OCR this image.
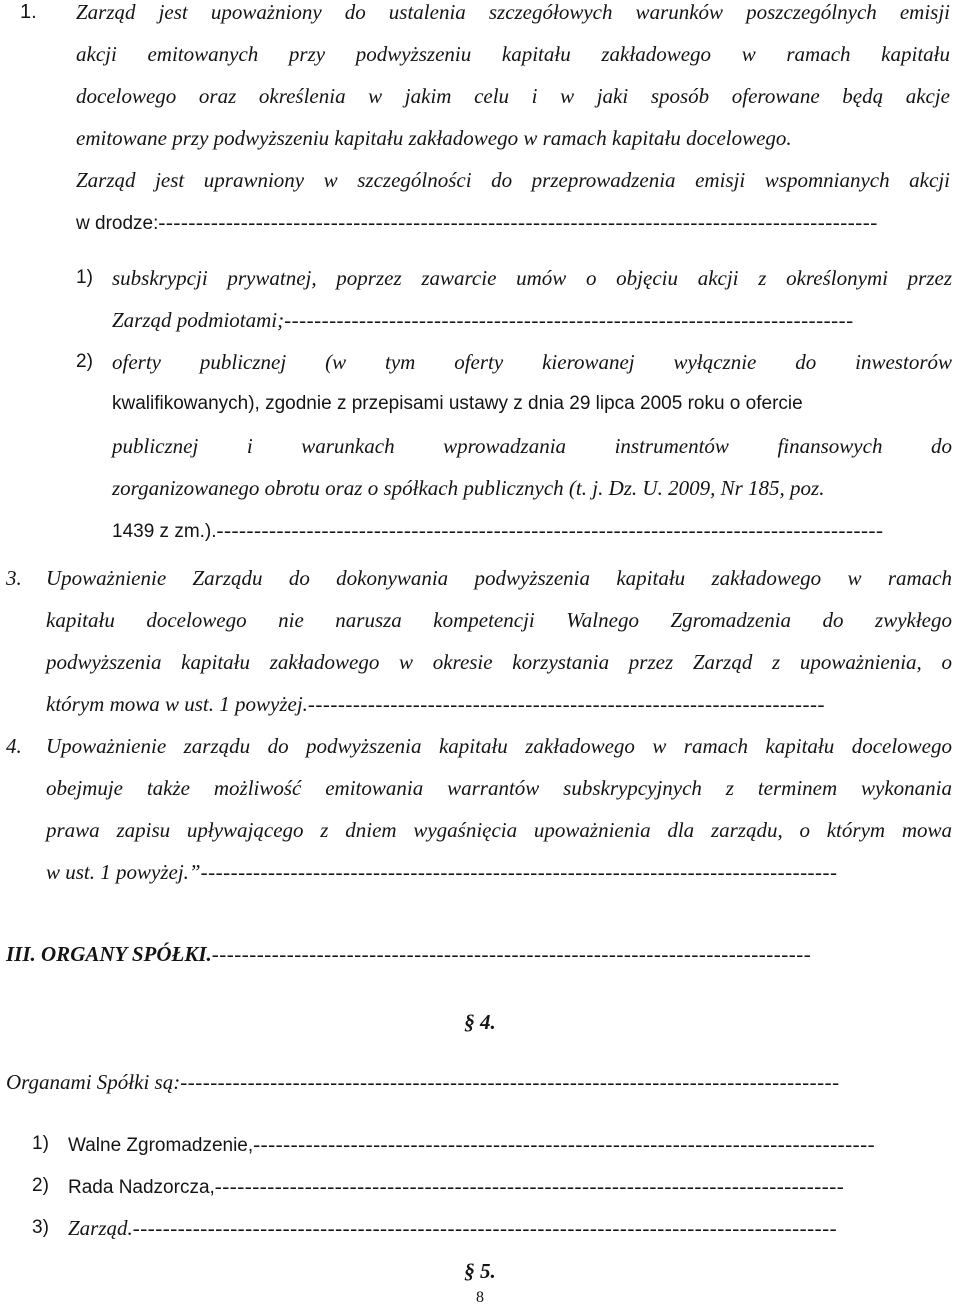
1. Zarząd jest upoważniony do ustalenia szczegółowych warunków poszczególnych emisji
akcji emitowanych przy podwyższeniu kapitału zakładowego w ramach kapitału
docelowego oraz określenia w jakim celu i w jaki sposób oferowane będą akcje
emitowane przy podwyższeniu kapitału zakładowego w ramach kapitału docelowego.
Zarząd jest uprawniony w szczególności do przeprowadzenia emisji wspomnianych akcji
w drodze:------------------------------------------------------------------------------------------------
1) subskrypcji prywatnej, poprzez zawarcie umów o objęciu akcji z określonymi przez
Zarząd podmiotami;----------------------------------------------------------------------------
2) oferty publicznej (w tym oferty kierowanej wyłącznie do inwestorów
kwalifikowanych), zgodnie z przepisami ustawy z dnia 29 lipca 2005 roku o ofercie
publicznej i warunkach wprowadzania instrumentów finansowych do
zorganizowanego obrotu oraz o spółkach publicznych (t. j. Dz. U. 2009, Nr 185, poz.
1439 z zm.).-----------------------------------------------------------------------------------------
3. Upoważnienie Zarządu do dokonywania podwyższenia kapitału zakładowego w ramach
kapitału docelowego nie narusza kompetencji Walnego Zgromadzenia do zwykłego
podwyższenia kapitału zakładowego w okresie korzystania przez Zarząd z upoważnienia, o
którym mowa w ust. 1 powyżej.---------------------------------------------------------------------
4. Upoważnienie zarządu do podwyższenia kapitału zakładowego w ramach kapitału docelowego
obejmuje także możliwość emitowania warrantów subskrypcyjnych z terminem wykonania
prawa zapisu upływającego z dniem wygaśnięcia upoważnienia dla zarządu, o którym mowa
w ust. 1 powyżej.”-------------------------------------------------------------------------------------
III. ORGANY SPÓŁKI.--------------------------------------------------------------------------------
§ 4.
Organami Spółki są:----------------------------------------------------------------------------------------
1) Walne Zgromadzenie,-----------------------------------------------------------------------------------
2) Rada Nadzorcza,------------------------------------------------------------------------------------
3) Zarząd.----------------------------------------------------------------------------------------------
§ 5.
8
